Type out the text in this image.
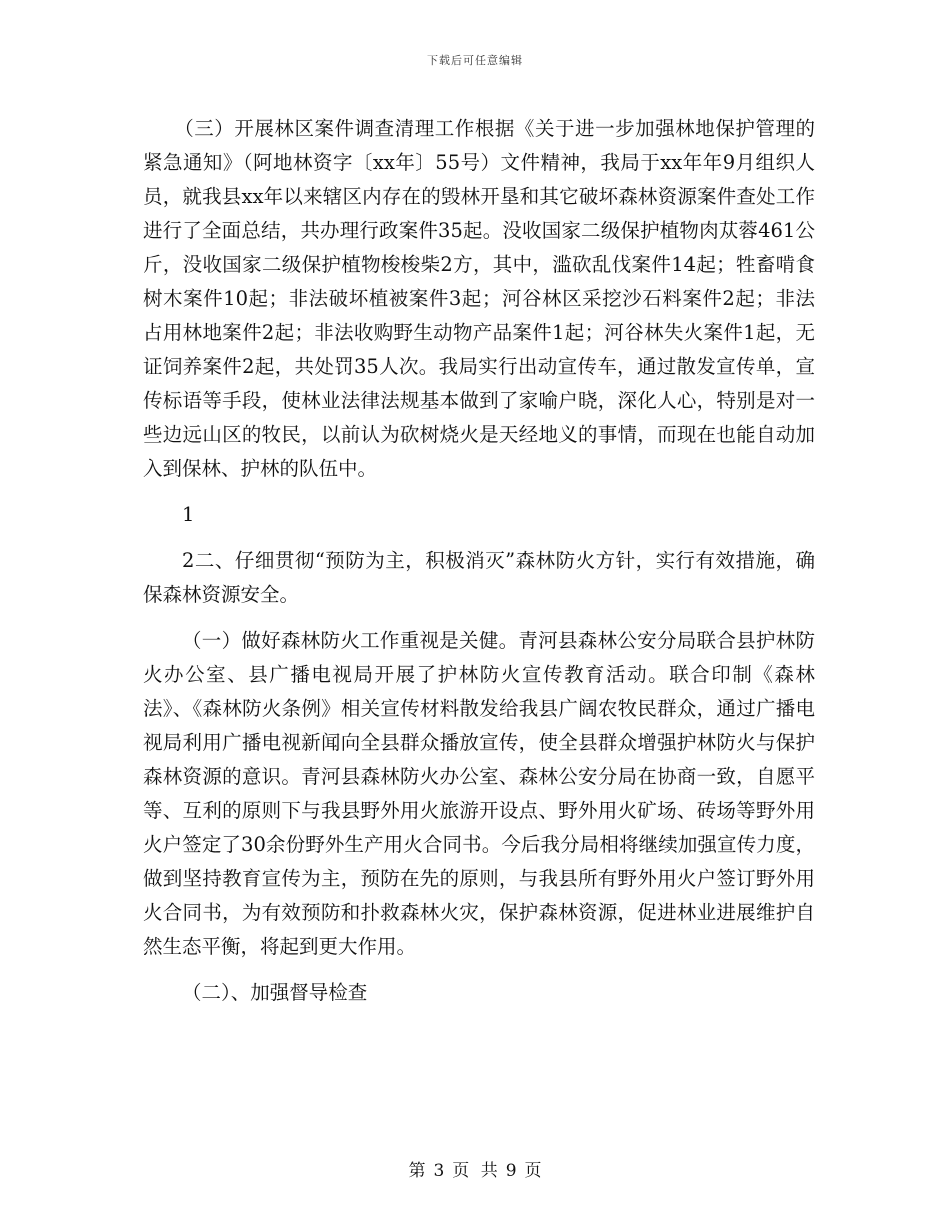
下载后可任意编辑

（三）开展林区案件调查清理工作根据《关于进一步加强林地保护管理的紧急通知》（阿地林资字〔xx年〕55号）文件精神，我局于xx年年9月组织人员，就我县xx年以来辖区内存在的毁林开垦和其它破坏森林资源案件查处工作进行了全面总结，共办理行政案件35起。没收国家二级保护植物肉苁蓉461公斤，没收国家二级保护植物梭梭柴2方，其中，滥砍乱伐案件14起；牲畜啃食树木案件10起；非法破坏植被案件3起；河谷林区采挖沙石料案件2起；非法占用林地案件2起；非法收购野生动物产品案件1起；河谷林失火案件1起，无证饲养案件2起，共处罚35人次。我局实行出动宣传车，通过散发宣传单，宣传标语等手段，使林业法律法规基本做到了家喻户晓，深化人心，特别是对一些边远山区的牧民，以前认为砍树烧火是天经地义的事情，而现在也能自动加入到保林、护林的队伍中。

1

2二、仔细贯彻“预防为主，积极消灭”森林防火方针，实行有效措施，确保森林资源安全。

（一）做好森林防火工作重视是关健。青河县森林公安分局联合县护林防火办公室、县广播电视局开展了护林防火宣传教育活动。联合印制《森林法》、《森林防火条例》相关宣传材料散发给我县广阔农牧民群众，通过广播电视局利用广播电视新闻向全县群众播放宣传，使全县群众增强护林防火与保护森林资源的意识。青河县森林防火办公室、森林公安分局在协商一致，自愿平等、互利的原则下与我县野外用火旅游开设点、野外用火矿场、砖场等野外用火户签定了30余份野外生产用火合同书。今后我分局相将继续加强宣传力度，做到坚持教育宣传为主，预防在先的原则，与我县所有野外用火户签订野外用火合同书，为有效预防和扑救森林火灾，保护森林资源，促进林业进展维护自然生态平衡，将起到更大作用。

（二）、加强督导检查

第 3 页 共 9 页
